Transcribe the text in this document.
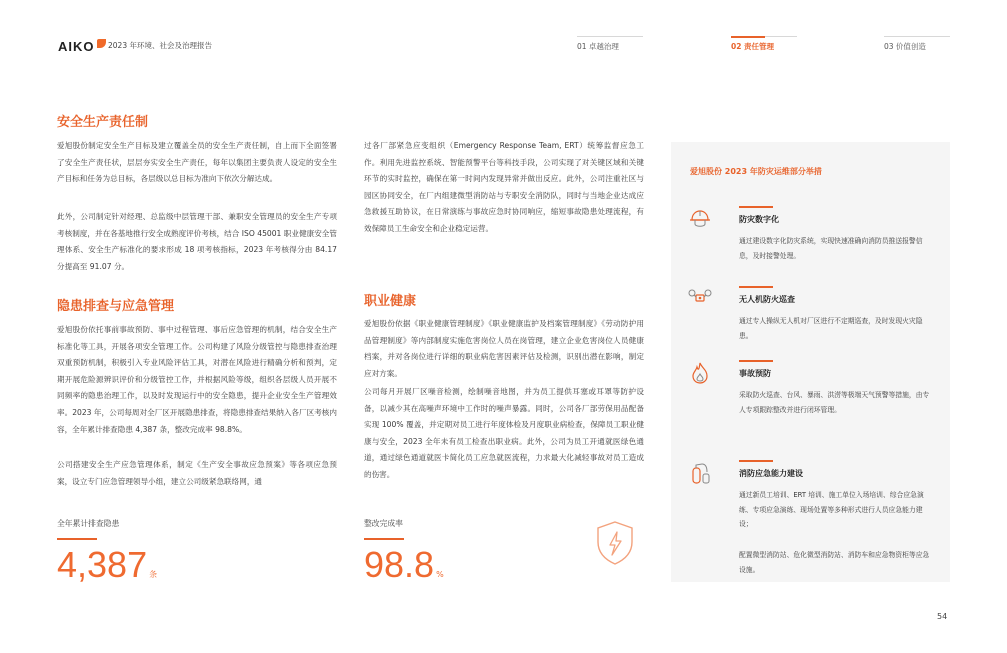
AIKO 2023 年环境、社会及治理报告	01 卓越治理	02 责任管理	03 价值创造
安全生产责任制

爱旭股份制定安全生产目标及建立覆盖全员的安全生产责任制，自上而下全面签署了安全生产责任状，层层夯实安全生产责任，每年以集团主要负责人设定的安全生产目标和任务为总目标，各层级以总目标为准向下依次分解达成。

此外，公司制定针对经理、总监级中层管理干部、兼职安全管理员的安全生产专项考核制度，并在各基地推行安全成熟度评价考核，结合 ISO 45001 职业健康安全管理体系、安全生产标准化的要求形成 18 项考核指标，2023 年考核得分由 84.17 分提高至 91.07 分。

隐患排查与应急管理

爱旭股份依托事前事故预防、事中过程管理、事后应急管理的机制，结合安全生产标准化等工具，开展各项安全管理工作。公司构建了风险分级管控与隐患排查治理双重预防机制，积极引入专业风险评估工具，对潜在风险进行精确分析和预判，定期开展危险源辨识评价和分级管控工作，并根据风险等级，组织各层级人员开展不同频率的隐患治理工作，以及时发现运行中的安全隐患，提升企业安全生产管理效率。2023 年，公司每周对全厂区开展隐患排查，将隐患排查结果纳入各厂区考核内容，全年累计排查隐患 4,387 条，整改完成率 98.8%。

公司搭建安全生产应急管理体系，制定《生产安全事故应急预案》等各项应急预案，设立专门应急管理领导小组，建立公司级紧急联络网，通

过各厂部紧急应变组织（Emergency Response Team, ERT）统筹监督应急工作。利用先进监控系统、智能预警平台等科技手段，公司实现了对关键区域和关键环节的实时监控，确保在第一时间内发现异常并做出反应。此外，公司注重社区与园区协同安全，在厂内组建微型消防站与专职安全消防队，同时与当地企业达成应急救援互助协议，在日常演练与事故应急时协同响应，缩短事故隐患处理流程，有效保障员工生命安全和企业稳定运营。

职业健康

爱旭股份依据《职业健康管理制度》《职业健康监护及档案管理制度》《劳动防护用品管理制度》等内部制度实施危害岗位人员在岗管理，建立企业危害岗位人员健康档案，并对各岗位进行详细的职业病危害因素评估及检测，识别出潜在影响，制定应对方案。

公司每月开展厂区噪音检测，绘制噪音地图，并为员工提供耳塞或耳罩等防护设备，以减少其在高噪声环境中工作时的噪声暴露。同时，公司各厂部劳保用品配备实现 100% 覆盖，并定期对员工进行年度体检及月度职业病检查，保障员工职业健康与安全，2023 全年未有员工检查出职业病。此外，公司为员工开通就医绿色通道，通过绿色通道就医卡简化员工应急就医流程，力求最大化减轻事故对员工造成的伤害。

全年累计排查隐患
4,387 条
整改完成率
98.8 %
爱旭股份 2023 年防灾运维部分举措
防灾数字化
通过建设数字化防灾系统，实现快速准确向消防员推送报警信息，及时接警处理。
无人机防火巡查
通过专人操纵无人机对厂区进行不定期巡查，及时发现火灾隐患。
事故预防
采取防火巡查、台风、暴雨、洪涝等极端天气预警等措施，由专人专项跟踪整改并进行闭环管理。
消防应急能力建设
通过新员工培训、ERT 培训、施工单位入场培训、综合应急演练、专项应急演练、现场处置等多种形式进行人员应急能力建设；
配置微型消防站、危化微型消防站、消防车和应急物资柜等应急设施。
54
